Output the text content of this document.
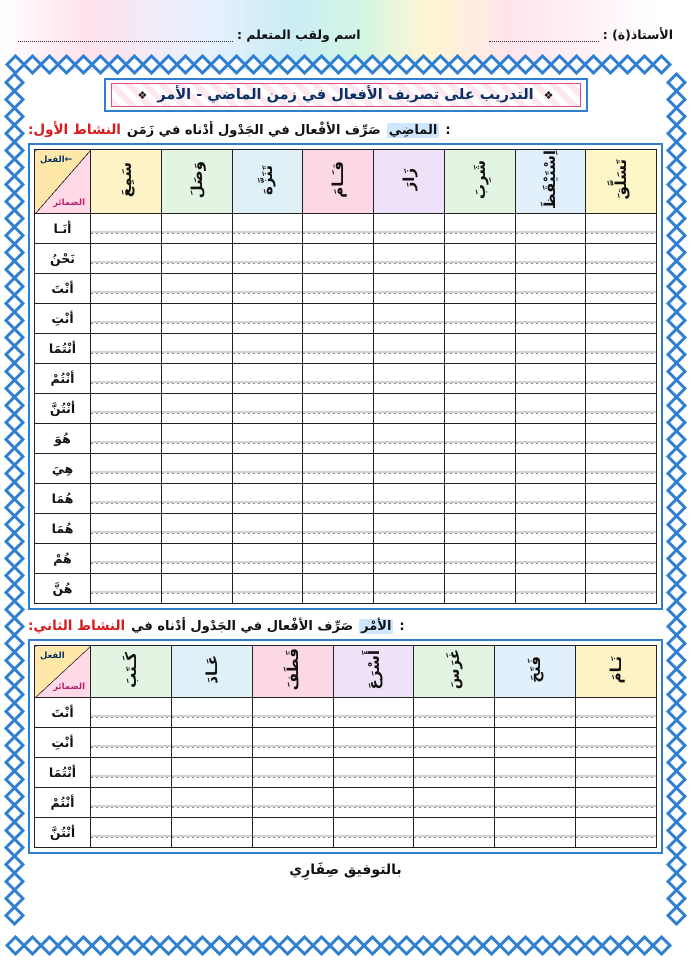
اسم ولقب المتعلم :	الأستاذ(ة) :
❖
التدريب على تصريف الأفعال في زمن الماضي - الأمر
❖
النشاط الأول: صَرِّف الأفْعال في الجَدْول أدْناه في زَمَن الماضِي :
تَسَلَّقَ	اِسْتَيْقَظَ	شَرِبَ	زَارَ	قـَـامَ	تَنَزَّهَ	وَصَلَ	سَمِعَ	←الفعل
الضمائر

	أنَـا

	نَحْنُ

	أنْتَ

	أنْتِ

	أنْتُمَا

	أنْتُمْ

	أنْتُنَّ

	هُوَ

	هِيَ

	هُمَا

	هُمَا

	هُمْ

	هُنَّ
النشاط الثاني: صَرِّف الأفْعال في الجَدْول أدْناه في الأمْر :
نَـامَ	فَتَحَ	غَرَسَ	أَسْرَعَ	قَطَفَ	عَـادَ	كَـتَبَ	الفعل
الضمائر

	أنْتَ

	أنْتِ

	أنْتُمَا

	أنْتُمْ

	أنْتُنَّ
بالتوفيق صِفَارِي
